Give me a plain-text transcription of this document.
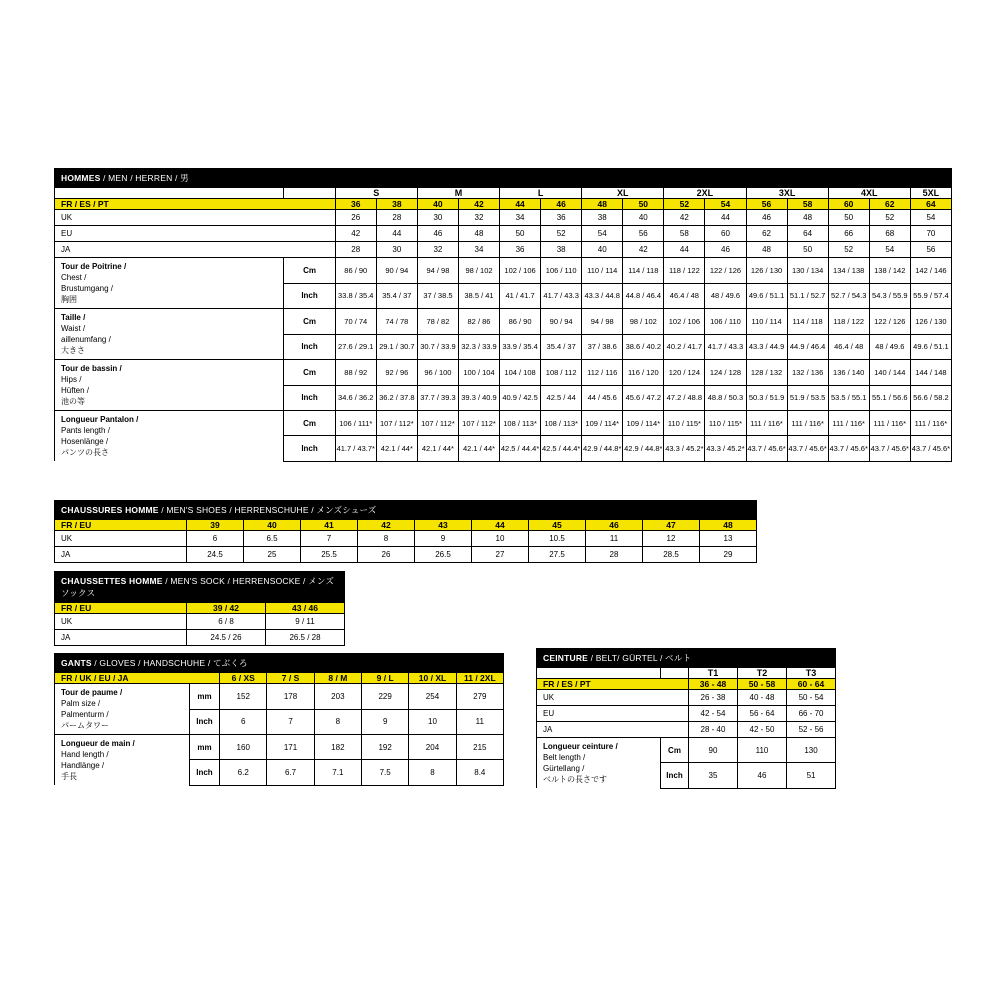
HOMMES / MEN / HERREN / 男																
		S		M		L		XL		2XL		3XL		4XL		5XL
FR / ES / PT		36	38	40	42	44	46	48	50	52	54	56	58	60	62	64
UK		26	28	30	32	34	36	38	40	42	44	46	48	50	52	54
EU		42	44	46	48	50	52	54	56	58	60	62	64	66	68	70
JA		28	30	32	34	36	38	40	42	44	46	48	50	52	54	56

Tour de Poitrine /
Chest /
Brustumgang /
胸囲	Cm	86 / 90	90 / 94	94 / 98	98 / 102	102 / 106	106 / 110	110 / 114	114 / 118	118 / 122	122 / 126	126 / 130	130 / 134	134 / 138	138 / 142	142 / 146
	Inch	33.8 / 35.4	35.4 / 37	37 / 38.5	38.5 / 41	41 / 41.7	41.7 / 43.3	43.3 / 44.8	44.8 / 46.4	46.4 / 48	48 / 49.6	49.6 / 51.1	51.1 / 52.7	52.7 / 54.3	54.3 / 55.9	55.9 / 57.4

Taille /
Waist /
aillenumfang /
大きさ	Cm	70 / 74	74 / 78	78 / 82	82 / 86	86 / 90	90 / 94	94 / 98	98 / 102	102 / 106	106 / 110	110 / 114	114 / 118	118 / 122	122 / 126	126 / 130
	Inch	27.6 / 29.1	29.1 / 30.7	30.7 / 33.9	32.3 / 33.9	33.9 / 35.4	35.4 / 37	37 / 38.6	38.6 / 40.2	40.2 / 41.7	41.7 / 43.3	43.3 / 44.9	44.9 / 46.4	46.4 / 48	48 / 49.6	49.6 / 51.1

Tour de bassin /
Hips /
Hüften /
池の等	Cm	88 / 92	92 / 96	96 / 100	100 / 104	104 / 108	108 / 112	112 / 116	116 / 120	120 / 124	124 / 128	128 / 132	132 / 136	136 / 140	140 / 144	144 / 148
	Inch	34.6 / 36.2	36.2 / 37.8	37.7 / 39.3	39.3 / 40.9	40.9 / 42.5	42.5 / 44	44 / 45.6	45.6 / 47.2	47.2 / 48.8	48.8 / 50.3	50.3 / 51.9	51.9 / 53.5	53.5 / 55.1	55.1 / 56.6	56.6 / 58.2

Longueur Pantalon /
Pants length /
Hosenlänge /
パンツの長さ	Cm	106 / 111*	107 / 112*	107 / 112*	107 / 112*	108 / 113*	108 / 113*	109 / 114*	109 / 114*	110 / 115*	110 / 115*	111 / 116*	111 / 116*	111 / 116*	111 / 116*	111 / 116*
	Inch	41.7 / 43.7*	42.1 / 44*	42.1 / 44*	42.1 / 44*	42.5 / 44.4*	42.5 / 44.4*	42.9 / 44.8*	42.9 / 44.8*	43.3 / 45.2*	43.3 / 45.2*	43.7 / 45.6*	43.7 / 45.6*	43.7 / 45.6*	43.7 / 45.6*	43.7 / 45.6*
CHAUSSURES HOMME / MEN'S SHOES / HERRENSCHUHE / メンズシューズ										
FR / EU	39	40	41	42	43	44	45	46	47	48
UK	6	6.5	7	8	9	10	10.5	11	12	13
JA	24.5	25	25.5	26	26.5	27	27.5	28	28.5	29
CHAUSSETTES HOMME / MEN'S SOCK / HERRENSOCKE / メンズソックス		
FR / EU	39 / 42	43 / 46
UK	6 / 8	9 / 11
JA	24.5 / 26	26.5 / 28
GANTS / GLOVES / HANDSCHUHE / てぶくろ							
FR / UK / EU / JA		6 / XS	7 / S	8 / M	9 / L	10 / XL	11 / 2XL

Tour de paume /
Palm size /
Palmenturm /
パームタワー	mm	152	178	203	229	254	279
	Inch	6	7	8	9	10	11

Longueur de main /
Hand length /
Handlänge /
手長	mm	160	171	182	192	204	215
	Inch	6.2	6.7	7.1	7.5	8	8.4
CEINTURE / BELT/ GÜRTEL / ベルト				
		T1	T2	T3
FR / ES / PT		36 - 48	50 - 58	60 - 64
UK		26 - 38	40 - 48	50 - 54
EU		42 - 54	56 - 64	66 - 70
JA		28 - 40	42 - 50	52 - 56

Longueur ceinture /
Belt length /
Gürtellang /
ベルトの長さです	Cm	90	110	130
	Inch	35	46	51
